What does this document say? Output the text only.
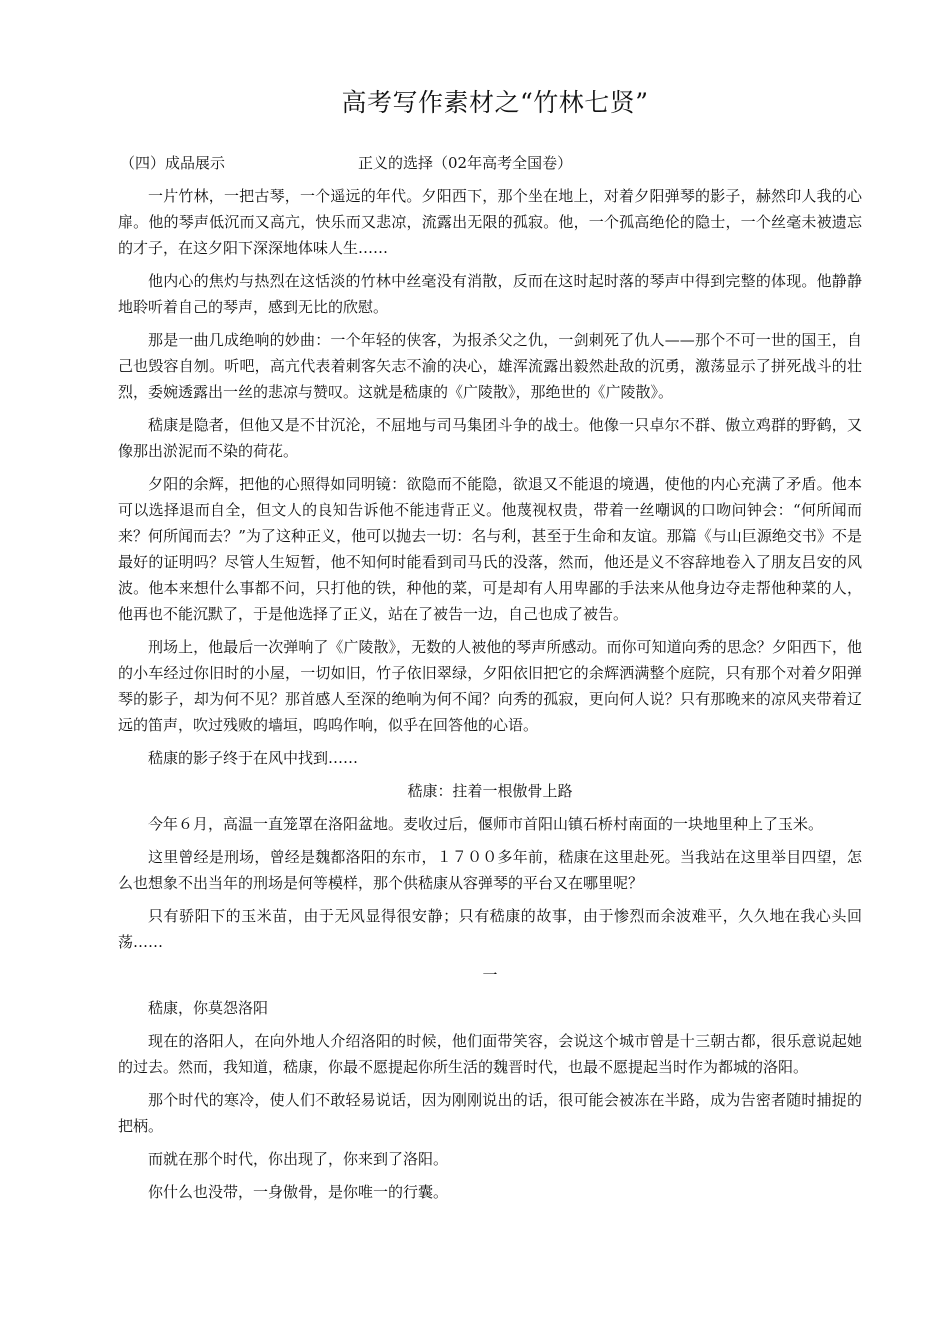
高考写作素材之“竹林七贤”
（四）成品展示	正义的选择（02年高考全国卷）

一片竹林，一把古琴，一个遥远的年代。夕阳西下，那个坐在地上，对着夕阳弹琴的影子，赫然印人我的心扉。他的琴声低沉而又高亢，快乐而又悲凉，流露出无限的孤寂。他，一个孤高绝伦的隐士，一个丝毫未被遗忘的才子，在这夕阳下深深地体味人生……

他内心的焦灼与热烈在这恬淡的竹林中丝毫没有消散，反而在这时起时落的琴声中得到完整的体现。他静静地聆听着自己的琴声，感到无比的欣慰。

那是一曲几成绝响的妙曲：一个年轻的侠客，为报杀父之仇，一剑刺死了仇人——那个不可一世的国王，自己也毁容自刎。听吧，高亢代表着刺客矢志不渝的决心，雄浑流露出毅然赴敌的沉勇，激荡显示了拼死战斗的壮烈，委婉透露出一丝的悲凉与赞叹。这就是嵇康的《广陵散》，那绝世的《广陵散》。

嵇康是隐者，但他又是不甘沉沦，不屈地与司马集团斗争的战士。他像一只卓尔不群、傲立鸡群的野鹤，又像那出淤泥而不染的荷花。

夕阳的余辉，把他的心照得如同明镜：欲隐而不能隐，欲退又不能退的境遇，使他的内心充满了矛盾。他本可以选择退而自全，但文人的良知告诉他不能违背正义。他蔑视权贵，带着一丝嘲讽的口吻问钟会：“何所闻而来？何所闻而去？”为了这种正义，他可以抛去一切：名与利，甚至于生命和友谊。那篇《与山巨源绝交书》不是最好的证明吗？尽管人生短暂，他不知何时能看到司马氏的没落，然而，他还是义不容辞地卷入了朋友吕安的风波。他本来想什么事都不问，只打他的铁，种他的菜，可是却有人用卑鄙的手法来从他身边夺走帮他种菜的人，他再也不能沉默了，于是他选择了正义，站在了被告一边，自己也成了被告。

刑场上，他最后一次弹响了《广陵散》，无数的人被他的琴声所感动。而你可知道向秀的思念？夕阳西下，他的小车经过你旧时的小屋，一切如旧，竹子依旧翠绿，夕阳依旧把它的余辉洒满整个庭院，只有那个对着夕阳弹琴的影子，却为何不见？那首感人至深的绝响为何不闻？向秀的孤寂，更向何人说？只有那晚来的凉风夹带着辽远的笛声，吹过残败的墙垣，呜呜作响，似乎在回答他的心语。

嵇康的影子终于在风中找到……

嵇康：拄着一根傲骨上路

今年６月，高温一直笼罩在洛阳盆地。麦收过后，偃师市首阳山镇石桥村南面的一块地里种上了玉米。

这里曾经是刑场，曾经是魏都洛阳的东市，１７００多年前，嵇康在这里赴死。当我站在这里举目四望，怎么也想象不出当年的刑场是何等模样，那个供嵇康从容弹琴的平台又在哪里呢？

只有骄阳下的玉米苗，由于无风显得很安静；只有嵇康的故事，由于惨烈而余波难平，久久地在我心头回荡……

一

嵇康，你莫怨洛阳

现在的洛阳人，在向外地人介绍洛阳的时候，他们面带笑容，会说这个城市曾是十三朝古都，很乐意说起她的过去。然而，我知道，嵇康，你最不愿提起你所生活的魏晋时代，也最不愿提起当时作为都城的洛阳。

那个时代的寒冷，使人们不敢轻易说话，因为刚刚说出的话，很可能会被冻在半路，成为告密者随时捕捉的把柄。

而就在那个时代，你出现了，你来到了洛阳。

你什么也没带，一身傲骨，是你唯一的行囊。
